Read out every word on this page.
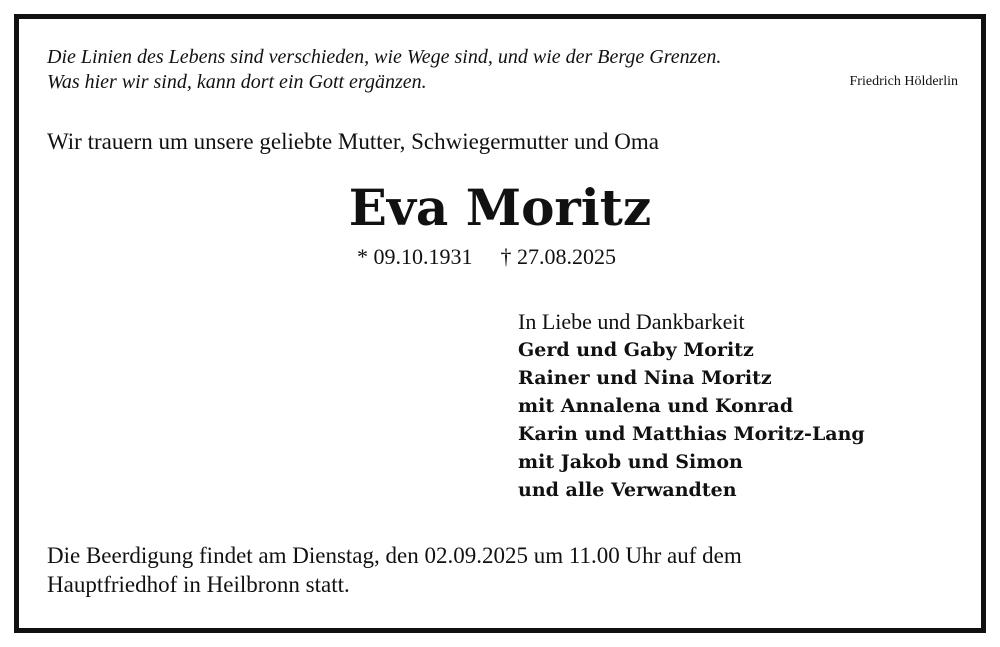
Die Linien des Lebens sind verschieden, wie Wege sind, und wie der Berge Grenzen.
Was hier wir sind, kann dort ein Gott ergänzen.	Friedrich Hölderlin
Wir trauern um unsere geliebte Mutter, Schwiegermutter und Oma
Eva Moritz
* 09.10.1931 † 27.08.2025
In Liebe und Dankbarkeit
Gerd und Gaby Moritz
Rainer und Nina Moritz
mit Annalena und Konrad
Karin und Matthias Moritz-Lang
mit Jakob und Simon
und alle Verwandten
Die Beerdigung findet am Dienstag, den 02.09.2025 um 11.00 Uhr auf dem
Hauptfriedhof in Heilbronn statt.
